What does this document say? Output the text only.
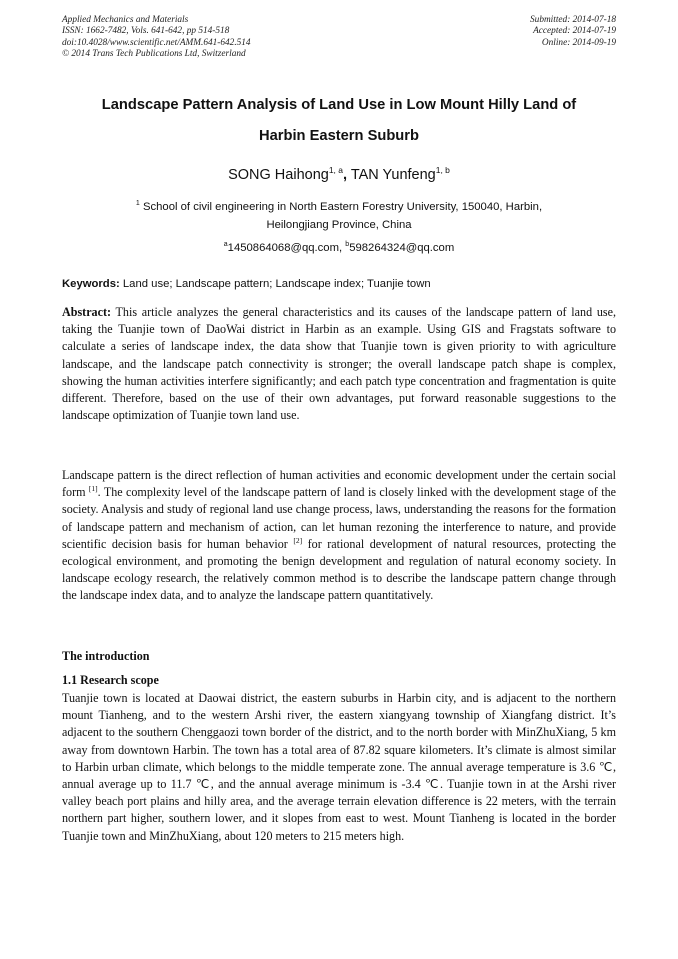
Applied Mechanics and Materials
ISSN: 1662-7482, Vols. 641-642, pp 514-518
doi:10.4028/www.scientific.net/AMM.641-642.514
© 2014 Trans Tech Publications Ltd, Switzerland
Submitted: 2014-07-18
Accepted: 2014-07-19
Online: 2014-09-19
Landscape Pattern Analysis of Land Use in Low Mount Hilly Land of
Harbin Eastern Suburb
SONG Haihong$^{1, a}$, TAN Yunfeng$^{1, b}$
$^1$ School of civil engineering in North Eastern Forestry University, 150040, Harbin,
Heilongjiang Province, China
$^a$1450864068@qq.com, $^b$598264324@qq.com
Keywords: Land use; Landscape pattern; Landscape index; Tuanjie town
Abstract: This article analyzes the general characteristics and its causes of the landscape pattern of land use, taking the Tuanjie town of DaoWai district in Harbin as an example. Using GIS and Fragstats software to calculate a series of landscape index, the data show that Tuanjie town is given priority to with agriculture landscape, and the landscape patch connectivity is stronger; the overall landscape patch shape is complex, showing the human activities interfere significantly; and each patch type concentration and fragmentation is quite different. Therefore, based on the use of their own advantages, put forward reasonable suggestions to the landscape optimization of Tuanjie town land use.
Landscape pattern is the direct reflection of human activities and economic development under the certain social form [1]. The complexity level of the landscape pattern of land is closely linked with the development stage of the society. Analysis and study of regional land use change process, laws, understanding the reasons for the formation of landscape pattern and mechanism of action, can let human rezoning the interference to nature, and provide scientific decision basis for human behavior [2] for rational development of natural resources, protecting the ecological environment, and promoting the benign development and regulation of natural economy society. In landscape ecology research, the relatively common method is to describe the landscape pattern change through the landscape index data, and to analyze the landscape pattern quantitatively.
The introduction
1.1 Research scope
Tuanjie town is located at Daowai district, the eastern suburbs in Harbin city, and is adjacent to the northern mount Tianheng, and to the western Arshi river, the eastern xiangyang township of Xiangfang district. It’s adjacent to the southern Chenggaozi town border of the district, and to the north border with MinZhuXiang, 5 km away from downtown Harbin. The town has a total area of 87.82 square kilometers. It’s climate is almost similar to Harbin urban climate, which belongs to the middle temperate zone. The annual average temperature is 3.6 ℃, annual average up to 11.7 ℃, and the annual average minimum is -3.4 ℃. Tuanjie town in at the Arshi river valley beach port plains and hilly area, and the average terrain elevation difference is 22 meters, with the terrain northern part higher, southern lower, and it slopes from east to west. Mount Tianheng is located in the border Tuanjie town and MinZhuXiang, about 120 meters to 215 meters high.
